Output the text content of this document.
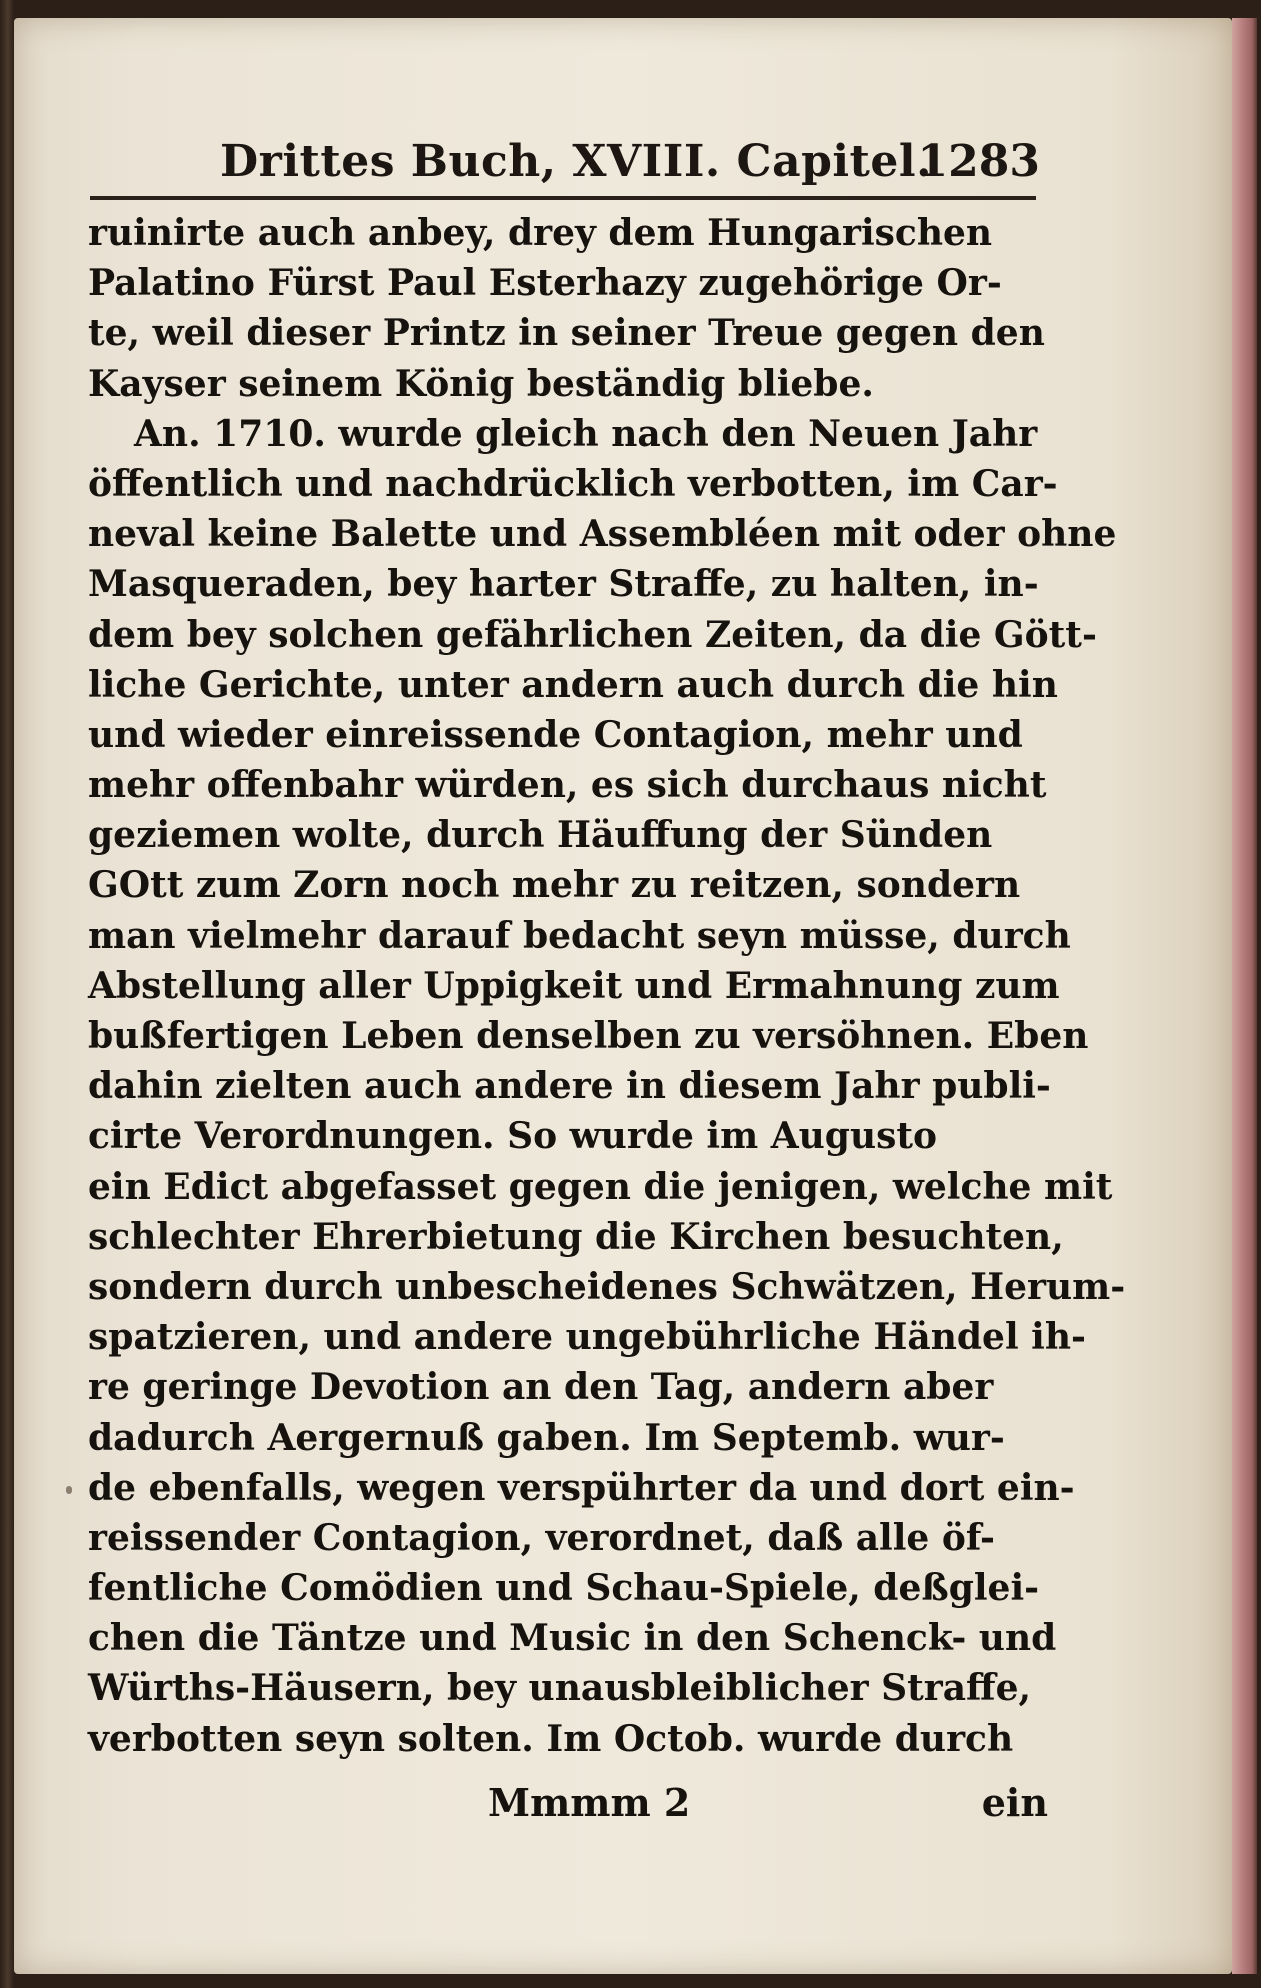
Drittes Buch, XVIII. Capitel.
1283
ruinirte auch anbey, drey dem Hungarischen
Palatino Fürst Paul Esterhazy zugehörige Or-
te, weil dieser Printz in seiner Treue gegen den
Kayser seinem König beständig bliebe.
An. 1710. wurde gleich nach den Neuen Jahr
öffentlich und nachdrücklich verbotten, im Car-
neval keine Balette und Assembléen mit oder ohne
Masqueraden, bey harter Straffe, zu halten, in-
dem bey solchen gefährlichen Zeiten, da die Gött-
liche Gerichte, unter andern auch durch die hin
und wieder einreissende Contagion, mehr und
mehr offenbahr würden, es sich durchaus nicht
geziemen wolte, durch Häuffung der Sünden
GOtt zum Zorn noch mehr zu reitzen, sondern
man vielmehr darauf bedacht seyn müsse, durch
Abstellung aller Uppigkeit und Ermahnung zum
bußfertigen Leben denselben zu versöhnen. Eben
dahin zielten auch andere in diesem Jahr publi-
cirte Verordnungen. So wurde im Augusto
ein Edict abgefasset gegen die jenigen, welche mit
schlechter Ehrerbietung die Kirchen besuchten,
sondern durch unbescheidenes Schwätzen, Herum-
spatzieren, und andere ungebührliche Händel ih-
re geringe Devotion an den Tag, andern aber
dadurch Aergernuß gaben. Im Septemb. wur-
de ebenfalls, wegen verspührter da und dort ein-
reissender Contagion, verordnet, daß alle öf-
fentliche Comödien und Schau-Spiele, deßglei-
chen die Täntze und Music in den Schenck- und
Würths-Häusern, bey unausbleiblicher Straffe,
verbotten seyn solten. Im Octob. wurde durch
Mmmm 2	ein
